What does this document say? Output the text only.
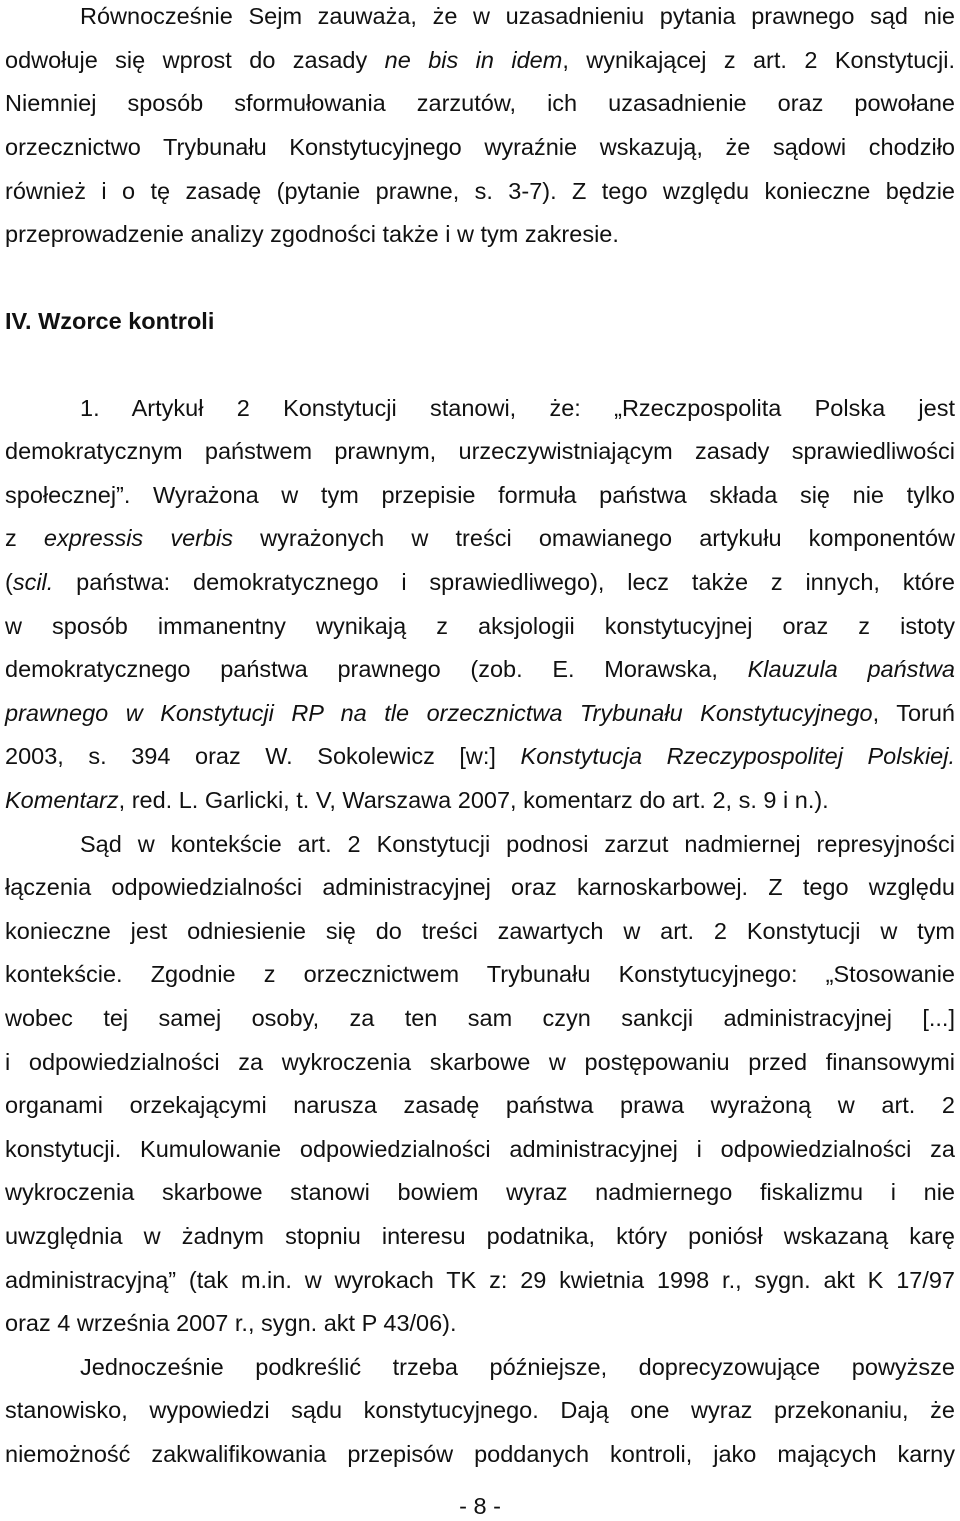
Równocześnie Sejm zauważa, że w uzasadnieniu pytania prawnego sąd nie
odwołuje się wprost do zasady ne bis in idem, wynikającej z art. 2 Konstytucji.
Niemniej sposób sformułowania zarzutów, ich uzasadnienie oraz powołane
orzecznictwo Trybunału Konstytucyjnego wyraźnie wskazują, że sądowi chodziło
również i o tę zasadę (pytanie prawne, s. 3-7). Z tego względu konieczne będzie
przeprowadzenie analizy zgodności także i w tym zakresie.
IV. Wzorce kontroli
1. Artykuł 2 Konstytucji stanowi, że: „Rzeczpospolita Polska jest
demokratycznym państwem prawnym, urzeczywistniającym zasady sprawiedliwości
społecznej”. Wyrażona w tym przepisie formuła państwa składa się nie tylko
z expressis verbis wyrażonych w treści omawianego artykułu komponentów
(scil. państwa: demokratycznego i sprawiedliwego), lecz także z innych, które
w sposób immanentny wynikają z aksjologii konstytucyjnej oraz z istoty
demokratycznego państwa prawnego (zob. E. Morawska, Klauzula państwa
prawnego w Konstytucji RP na tle orzecznictwa Trybunału Konstytucyjnego, Toruń
2003, s. 394 oraz W. Sokolewicz [w:] Konstytucja Rzeczypospolitej Polskiej.
Komentarz, red. L. Garlicki, t. V, Warszawa 2007, komentarz do art. 2, s. 9 i n.).
Sąd w kontekście art. 2 Konstytucji podnosi zarzut nadmiernej represyjności
łączenia odpowiedzialności administracyjnej oraz karnoskarbowej. Z tego względu
konieczne jest odniesienie się do treści zawartych w art. 2 Konstytucji w tym
kontekście. Zgodnie z orzecznictwem Trybunału Konstytucyjnego: „Stosowanie
wobec tej samej osoby, za ten sam czyn sankcji administracyjnej [...]
i odpowiedzialności za wykroczenia skarbowe w postępowaniu przed finansowymi
organami orzekającymi narusza zasadę państwa prawa wyrażoną w art. 2
konstytucji. Kumulowanie odpowiedzialności administracyjnej i odpowiedzialności za
wykroczenia skarbowe stanowi bowiem wyraz nadmiernego fiskalizmu i nie
uwzględnia w żadnym stopniu interesu podatnika, który poniósł wskazaną karę
administracyjną” (tak m.in. w wyrokach TK z: 29 kwietnia 1998 r., sygn. akt K 17/97
oraz 4 września 2007 r., sygn. akt P 43/06).
Jednocześnie podkreślić trzeba późniejsze, doprecyzowujące powyższe
stanowisko, wypowiedzi sądu konstytucyjnego. Dają one wyraz przekonaniu, że
niemożność zakwalifikowania przepisów poddanych kontroli, jako mających karny
- 8 -
